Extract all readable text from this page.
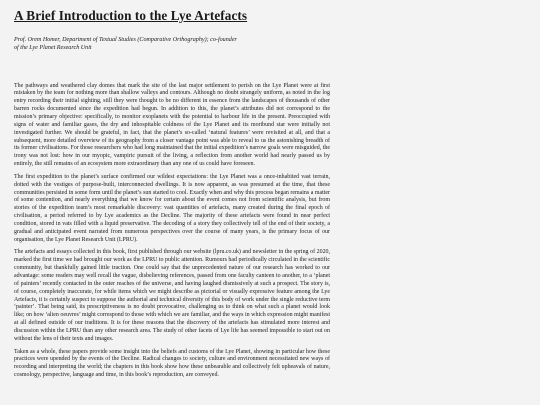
A Brief Introduction to the Lye Artefacts
Prof. Orem Homer, Department of Textual Studies (Comparative Orthography); co-founder
of the Lye Planet Research Unit

The pathways and weathered clay domes that mark the site of the last major settlement to perish on the Lye Planet were at first mistaken by the team for nothing more than shallow valleys and contours. Although no doubt strangely uniform, as noted in the log entry recording their initial sighting, still they were thought to be no different in essence from the landscapes of thousands of other barren rocks documented since the expedition had begun. In addition to this, the planet’s attributes did not correspond to the mission’s primary objective: specifically, to monitor exoplanets with the potential to harbour life in the present. Preoccupied with signs of water and familiar gases, the dry and inhospitable coldness of the Lye Planet and its moribund star were initially not investigated further. We should be grateful, in fact, that the planet’s so-called ‘natural features’ were revisited at all, and that a subsequent, more detailed overview of its geography from a closer vantage point was able to reveal to us the astonishing breadth of its former civilisations. For those researchers who had long maintained that the initial expedition’s narrow goals were misguided, the irony was not lost: how in our myopic, vampiric pursuit of the living, a reflection from another world had nearly passed us by entirely, the still remains of an ecosystem more extraordinary than any one of us could have foreseen.

The first expedition to the planet’s surface confirmed our wildest expectations: the Lye Planet was a once-inhabited vast terrain, dotted with the vestiges of purpose-built, interconnected dwellings. It is now apparent, as was presumed at the time, that these communities persisted in some form until the planet’s sun started to cool. Exactly when and why this process began remains a matter of some contention, and nearly everything that we know for certain about the event comes not from scientific analysis, but from stories of the expedition team’s most remarkable discovery: vast quantities of artefacts, many created during the final epoch of civilisation, a period referred to by Lye academics as the Decline. The majority of these artefacts were found in near perfect condition, stored in vats filled with a liquid preservative. The decoding of a story they collectively tell of the end of their society, a gradual and anticipated event narrated from numerous perspectives over the course of many years, is the primary focus of our organisation, the Lye Planet Research Unit (LPRU).

The artefacts and essays collected in this book, first published through our website (lpru.co.uk) and newsletter in the spring of 2020, marked the first time we had brought our work as the LPRU to public attention. Rumours had periodically circulated in the scientific community, but thankfully gained little traction. One could say that the unprecedented nature of our research has worked to our advantage: some readers may well recall the vague, disbelieving references, passed from one faculty canteen to another, to a ‘planet of painters’ recently contacted in the outer reaches of the universe, and having laughed dismissively at such a prospect. The story is, of course, completely inaccurate, for while items which we might describe as pictorial or visually expressive feature among the Lye Artefacts, it is certainly suspect to suppose the authorial and technical diversity of this body of work under the single reductive term ‘painter’. That being said, its prescriptiveness is no doubt provocative, challenging us to think on what such a planet would look like; on how ‘alien oeuvres’ might correspond to those with which we are familiar, and the ways in which expression might manifest at all defined outside of our traditions. It is for these reasons that the discovery of the artefacts has stimulated more interest and discussion within the LPRU than any other research area. The study of other facets of Lye life has seemed impossible to start out on without the lens of their texts and images.

Taken as a whole, these papers provide some insight into the beliefs and customs of the Lye Planet, showing in particular how these practices were upended by the events of the Decline. Radical changes to society, culture and environment necessitated new ways of recording and interpreting the world; the chapters in this book show how these unbearable and collectively felt upheavals of nature, cosmology, perspective, language and time, in this book’s reproduction, are conveyed.
